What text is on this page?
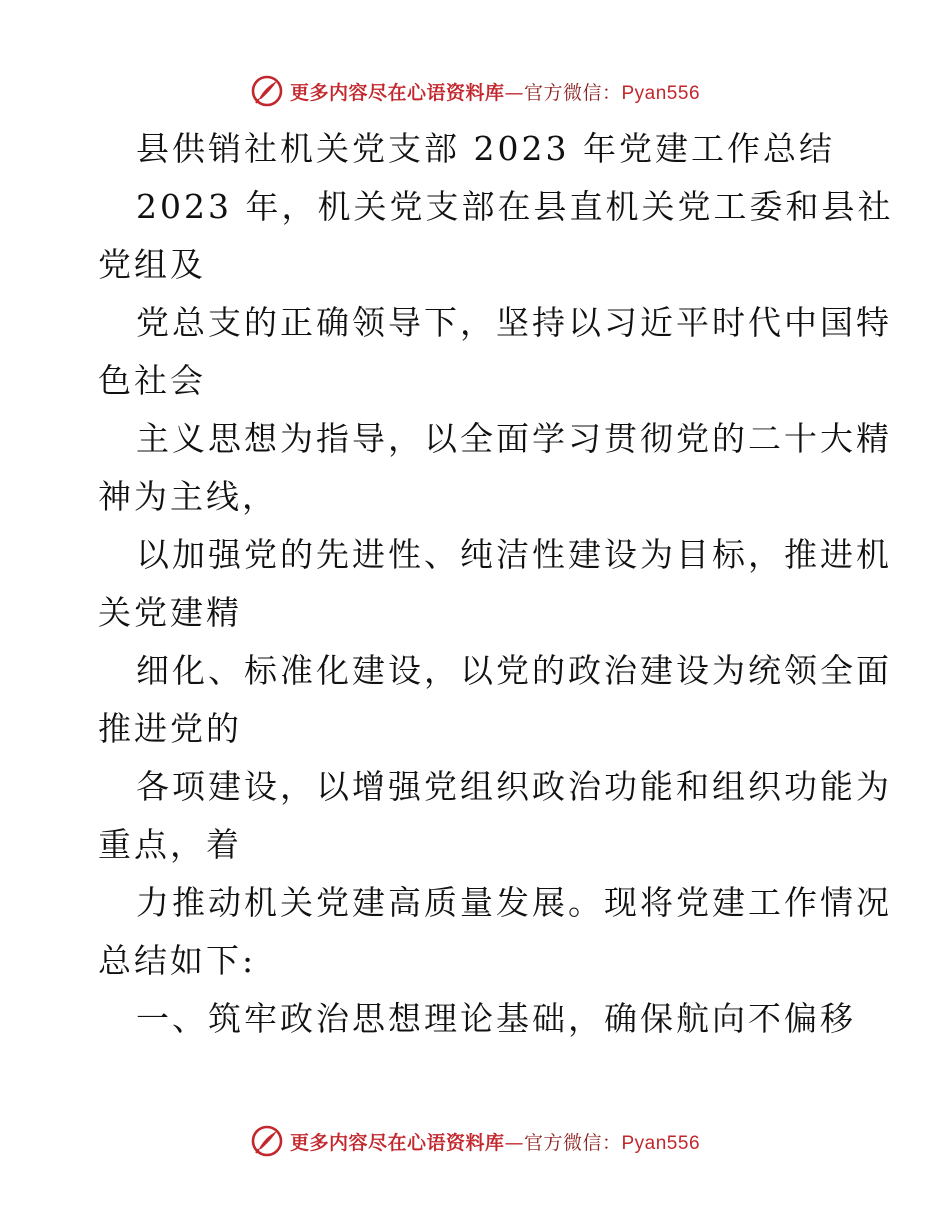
更多内容尽在心语资料库—官方微信：Pyan556
县供销社机关党支部 2023 年党建工作总结
2023 年，机关党支部在县直机关党工委和县社
党组及
党总支的正确领导下，坚持以习近平时代中国特
色社会
主义思想为指导，以全面学习贯彻党的二十大精
神为主线，
以加强党的先进性、纯洁性建设为目标，推进机
关党建精
细化、标准化建设，以党的政治建设为统领全面
推进党的
各项建设，以增强党组织政治功能和组织功能为
重点，着
力推动机关党建高质量发展。现将党建工作情况
总结如下:
一、筑牢政治思想理论基础，确保航向不偏移
更多内容尽在心语资料库—官方微信：Pyan556
